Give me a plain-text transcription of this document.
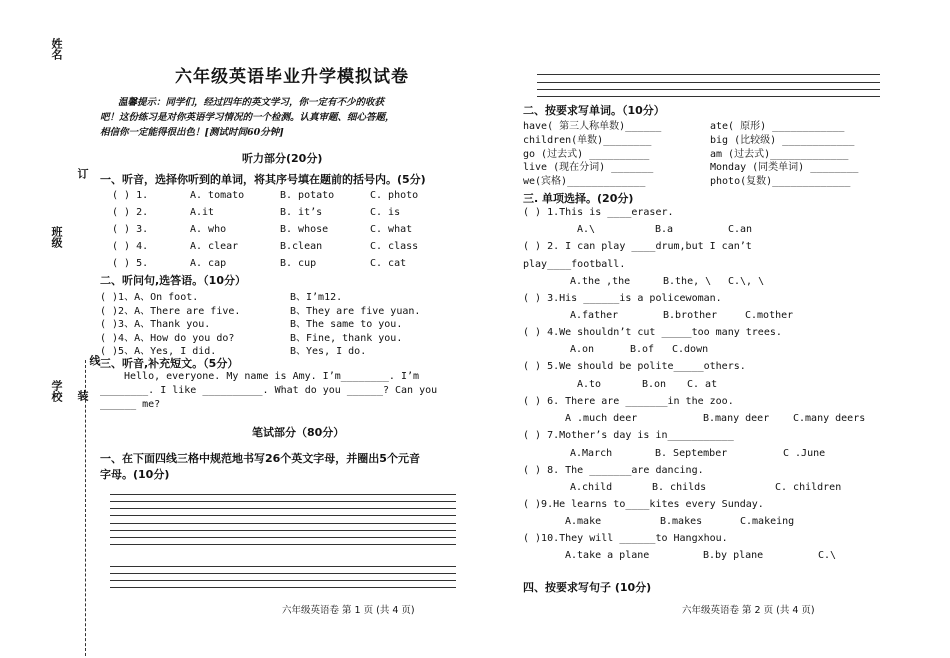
姓名
班级
学校
订
线
装
六年级英语毕业升学模拟试卷
温馨提示：同学们，经过四年的英文学习，你一定有不少的收获
吧！这份练习是对你英语学习情况的一个检测。认真审题、细心答题，
相信你一定能得很出色！[测试时间60分钟]
听力部分(20分)
一、听音，选择你听到的单词，将其序号填在题前的括号内。(5分)
( ) 1.	A. tomato	B. potato	C. photo
( ) 2.	A.it	B. it’s	C. is
( ) 3.	A. who	B. whose	C. what
( ) 4.	A. clear	B.clean	C. class
( ) 5.	A. cap	B. cup	C. cat
二、听问句,选答语。（10分）
( )1、A、On foot.	B、I’m12.
( )2、A、There are five.	B、They are five yuan.
( )3、A、Thank you.	B、The same to you.
( )4、A、How do you do?	B、Fine, thank you.
( )5、A、Yes, I did.	B、Yes, I do.
三、听音,补充短文。（5分）
Hello, everyone. My name is Amy. I’m________. I’m
________. I like __________. What do you ______? Can you
______ me?
笔试部分（80分）
一、在下面四线三格中规范地书写26个英文字母，并圈出5个元音
字母。(10分)
六年级英语卷 第 1 页 (共 4 页)
二、按要求写单词。（10分）
have( 第三人称单数)______	ate( 原形) ____________
children(单数)________	big (比较级) ____________
go (过去式) __________	am (过去式)_____________
live (现在分词) _______	Monday (同类单词) ________
we(宾格)_____________	photo(复数)_____________
三. 单项选择。(20分)
( ) 1.This is ____eraser.
A.\	B.a	C.an
( ) 2. I can play ____drum,but I can’t
play____football.
A.the ,the	B.the, \ C.\, \
( ) 3.His ______is a policewoman.
A.father	B.brother	C.mother
( ) 4.We shouldn’t cut _____too many trees.
A.on	B.of C.down
( ) 5.We should be polite_____others.
A.to	B.on C. at
( ) 6. There are _______in the zoo.
A .much deer	B.many deer C.many deers
( ) 7.Mother’s day is in___________
A.March	B. September	C .June
( ) 8. The _______are dancing.
A.child	B. childs	C. children
( )9.He learns to____kites every Sunday.
A.make	B.makes	C.makeing
( )10.They will ______to Hangxhou.
A.take a plane	B.by plane	C.\
四、按要求写句子 (10分)
六年级英语卷 第 2 页 (共 4 页)
